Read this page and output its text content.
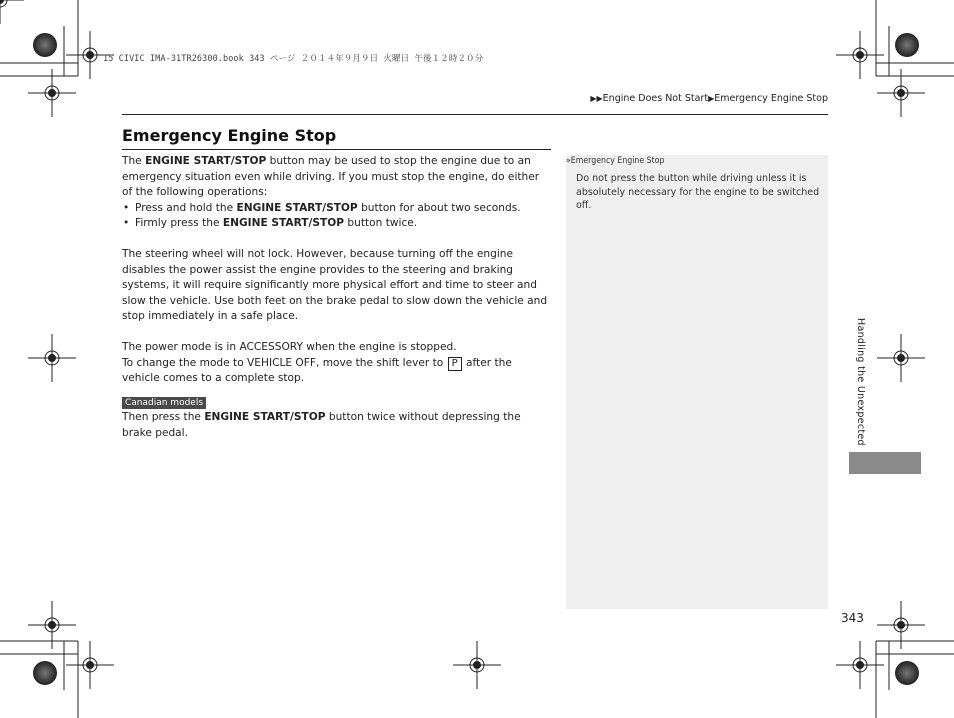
15 CIVIC IMA-31TR26300.book 343 ページ ２０１４年９月９日 火曜日 午後１２時２０分
▶▶Engine Does Not Start▶Emergency Engine Stop
Emergency Engine Stop

The ENGINE START/STOP button may be used to stop the engine due to an emergency situation even while driving. If you must stop the engine, do either of the following operations:

• Press and hold the ENGINE START/STOP button for about two seconds.
• Firmly press the ENGINE START/STOP button twice.

The steering wheel will not lock. However, because turning off the engine disables the power assist the engine provides to the steering and braking systems, it will require significantly more physical effort and time to steer and slow the vehicle. Use both feet on the brake pedal to slow down the vehicle and stop immediately in a safe place.

The power mode is in ACCESSORY when the engine is stopped.

To change the mode to VEHICLE OFF, move the shift lever to P after the vehicle comes to a complete stop.

Canadian models

Then press the ENGINE START/STOP button twice without depressing the brake pedal.

»Emergency Engine Stop
Do not press the button while driving unless it is absolutely necessary for the engine to be switched off.
Handling the Unexpected
343
